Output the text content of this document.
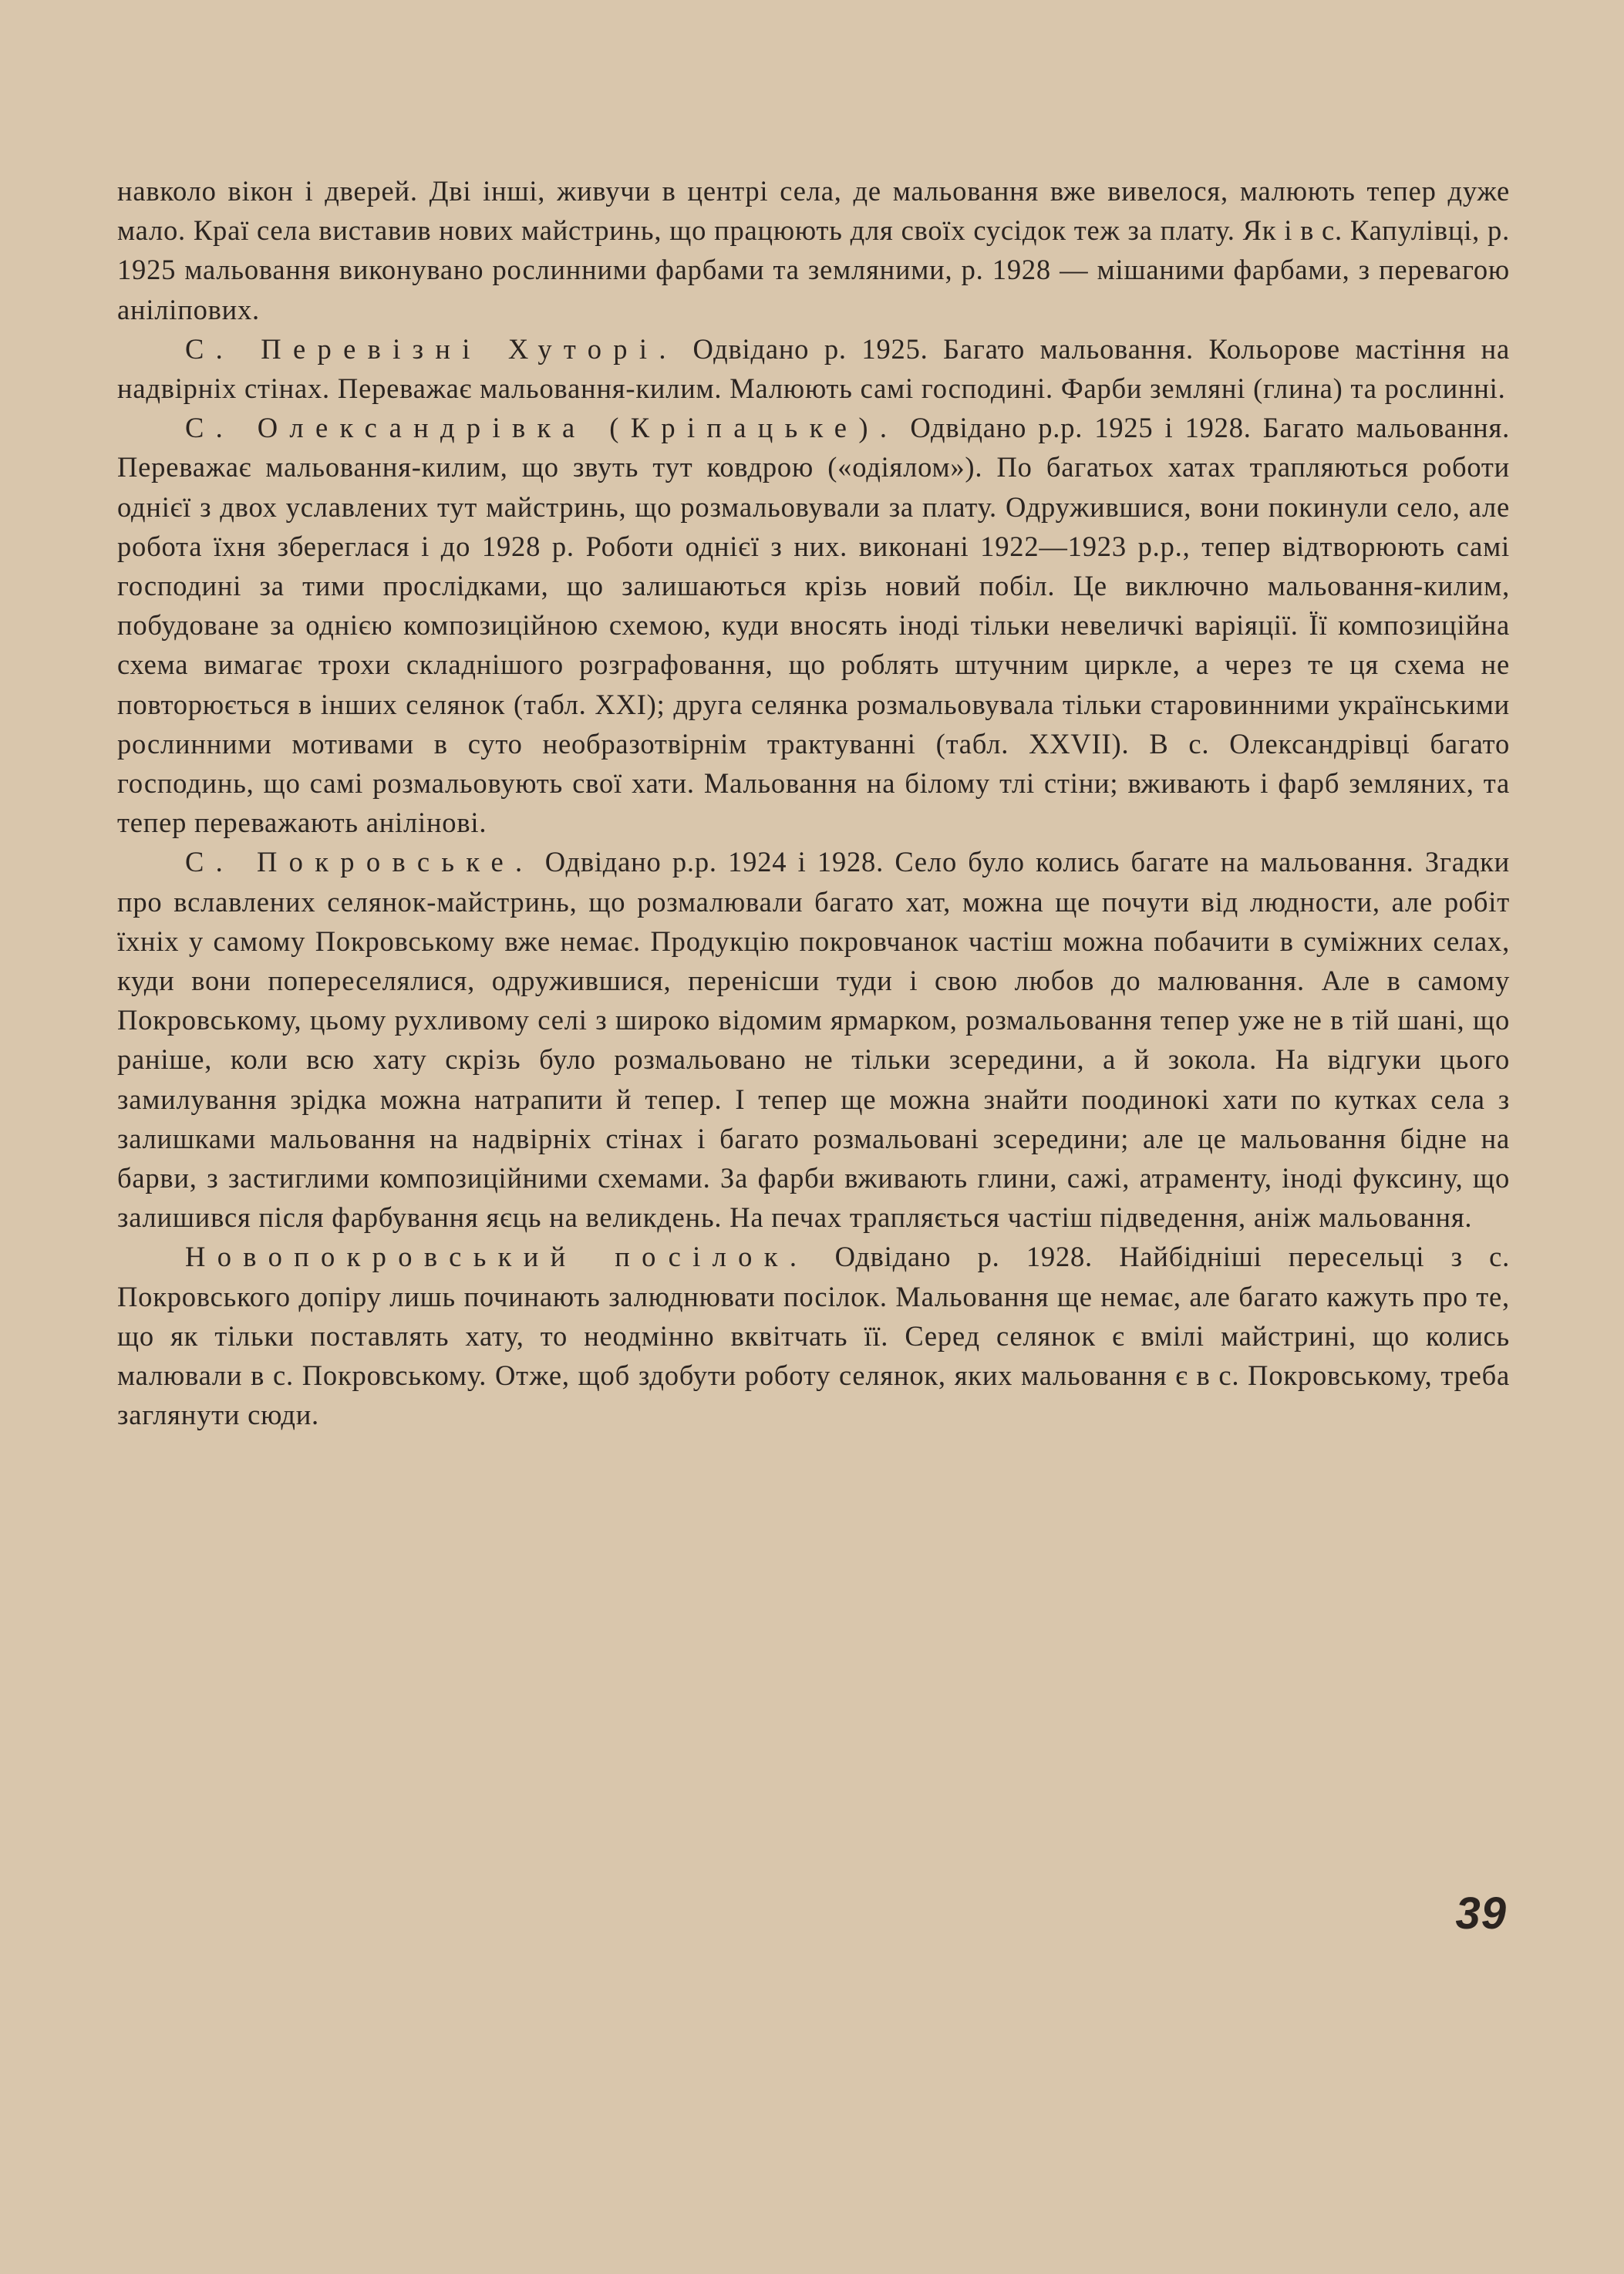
навколо вікон і дверей. Дві інші, живучи в центрі села, де мальовання вже вивелося, малюють тепер дуже мало. Краї села виставив нових майстринь, що працюють для своїх сусідок теж за плату. Як і в с. Капулівці, р. 1925 мальовання виконувано рослинними фарбами та земляними, р. 1928 — мішаними фарбами, з перевагою аніліпових.

С. Перевізні Хуторі. Одвідано р. 1925. Багато мальовання. Кольорове мастіння на надвірніх стінах. Переважає мальовання-килим. Малюють самі господині. Фарби земляні (глина) та рослинні.

С. Олександрівка (Кріпацьке). Одвідано р.р. 1925 і 1928. Багато мальовання. Переважає мальовання-килим, що звуть тут ковдрою («одіялом»). По багатьох хатах трапляються роботи однієї з двох уславлених тут майстринь, що розмальовували за плату. Одружившися, вони покинули село, але робота їхня збереглася і до 1928 р. Роботи однієї з них. виконані 1922—1923 р.р., тепер відтворюють самі господині за тими прослідками, що залишаються крізь новий побіл. Це виключно мальовання-килим, побудоване за однією композиційною схемою, куди вносять іноді тільки невеличкі варіяції. Її композиційна схема вимагає трохи складнішого розграфовання, що роблять штучним циркле, а через те ця схема не повторюється в інших селянок (табл. XXI); друга селянка розмальовувала тільки старовинними українськими рослинними мотивами в суто необразотвірнім трактуванні (табл. XXVII). В с. Олександрівці багато господинь, що самі розмальовують свої хати. Мальовання на білому тлі стіни; вживають і фарб земляних, та тепер переважають анілінові.

С. Покровське. Одвідано р.р. 1924 і 1928. Село було колись багате на мальовання. Згадки про вславлених селянок-майстринь, що розмалювали багато хат, можна ще почути від людности, але робіт їхніх у самому Покровському вже немає. Продукцію покровчанок частіш можна побачити в суміжних селах, куди вони попереселялися, одружившися, перенісши туди і свою любов до малювання. Але в самому Покровському, цьому рухливому селі з широко відомим ярмарком, розмальовання тепер уже не в тій шані, що раніше, коли всю хату скрізь було розмальовано не тільки зсередини, а й зокола. На відгуки цього замилування зрідка можна натрапити й тепер. І тепер ще можна знайти поодинокі хати по кутках села з залишками мальовання на надвірніх стінах і багато розмальовані зсередини; але це мальовання бідне на барви, з застиглими композиційними схемами. За фарби вживають глини, сажі, атраменту, іноді фуксину, що залишився після фарбування яєць на великдень. На печах трапляється частіш підведення, аніж мальовання.

Новопокровський посілок. Одвідано р. 1928. Найбідніші пересельці з с. Покровського допіру лишь починають залюднювати посілок. Мальовання ще немає, але багато кажуть про те, що як тільки поставлять хату, то неодмінно вквітчать її. Серед селянок є вмілі майстрині, що колись малювали в с. Покровському. Отже, щоб здобути роботу селянок, яких мальовання є в с. Покровському, треба заглянути сюди.

39
